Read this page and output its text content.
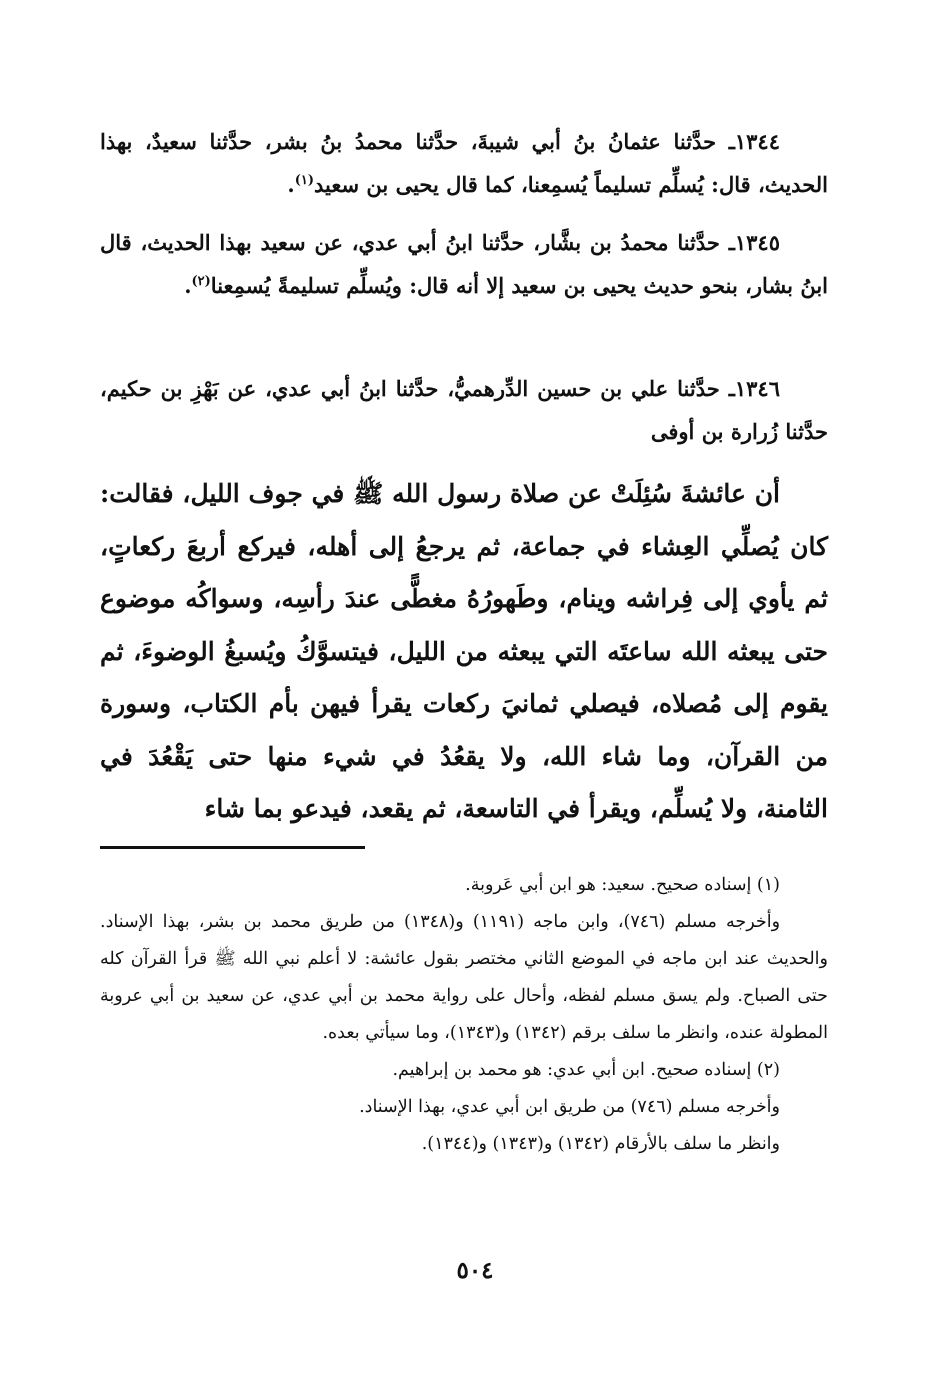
١٣٤٤ـ حدَّثنا عثمانُ بنُ أبي شيبةَ، حدَّثنا محمدُ بنُ بشر، حدَّثنا سعيدٌ، بهذا الحديث، قال: يُسلِّم تسليماً يُسمِعنا، كما قال يحيى بن سعيد$^{(١)}$.

١٣٤٥ـ حدَّثنا محمدُ بن بشَّار، حدَّثنا ابنُ أبي عدي، عن سعيد بهذا الحديث، قال ابنُ بشار، بنحو حديث يحيى بن سعيد إلا أنه قال: ويُسلِّم تسليمةً يُسمِعنا$^{(٢)}$.

١٣٤٦ـ حدَّثنا علي بن حسين الدِّرهميُّ، حدَّثنا ابنُ أبي عدي، عن بَهْزِ بن حكيم، حدَّثنا زُرارة بن أوفى

أن عائشةَ سُئِلَتْ عن صلاة رسول الله ﷺ في جوف الليل، فقالت: كان يُصلِّي العِشاء في جماعة، ثم يرجعُ إلى أهله، فيركع أربعَ ركعاتٍ، ثم يأوي إلى فِراشه وينام، وطَهورُهُ مغطًّى عندَ رأسِه، وسواكُه موضوع حتى يبعثه الله ساعتَه التي يبعثه من الليل، فيتسوَّكُ ويُسبغُ الوضوءَ، ثم يقوم إلى مُصلاه، فيصلي ثمانيَ ركعات يقرأ فيهن بأم الكتاب، وسورة من القرآن، وما شاء الله، ولا يقعُدُ في شيء منها حتى يَقْعُدَ في الثامنة، ولا يُسلِّم، ويقرأ في التاسعة، ثم يقعد، فيدعو بما شاء

(١) إسناده صحيح. سعيد: هو ابن أبي عَروبة.
وأخرجه مسلم (٧٤٦)، وابن ماجه (١١٩١) و(١٣٤٨) من طريق محمد بن بشر، بهذا الإسناد. والحديث عند ابن ماجه في الموضع الثاني مختصر بقول عائشة: لا أعلم نبي الله ﷺ قرأ القرآن كله حتى الصباح. ولم يسق مسلم لفظه، وأحال على رواية محمد بن أبي عدي، عن سعيد بن أبي عروبة المطولة عنده، وانظر ما سلف برقم (١٣٤٢) و(١٣٤٣)، وما سيأتي بعده.
(٢) إسناده صحيح. ابن أبي عدي: هو محمد بن إبراهيم.
وأخرجه مسلم (٧٤٦) من طريق ابن أبي عدي، بهذا الإسناد.
وانظر ما سلف بالأرقام (١٣٤٢) و(١٣٤٣) و(١٣٤٤).
٥٠٤
